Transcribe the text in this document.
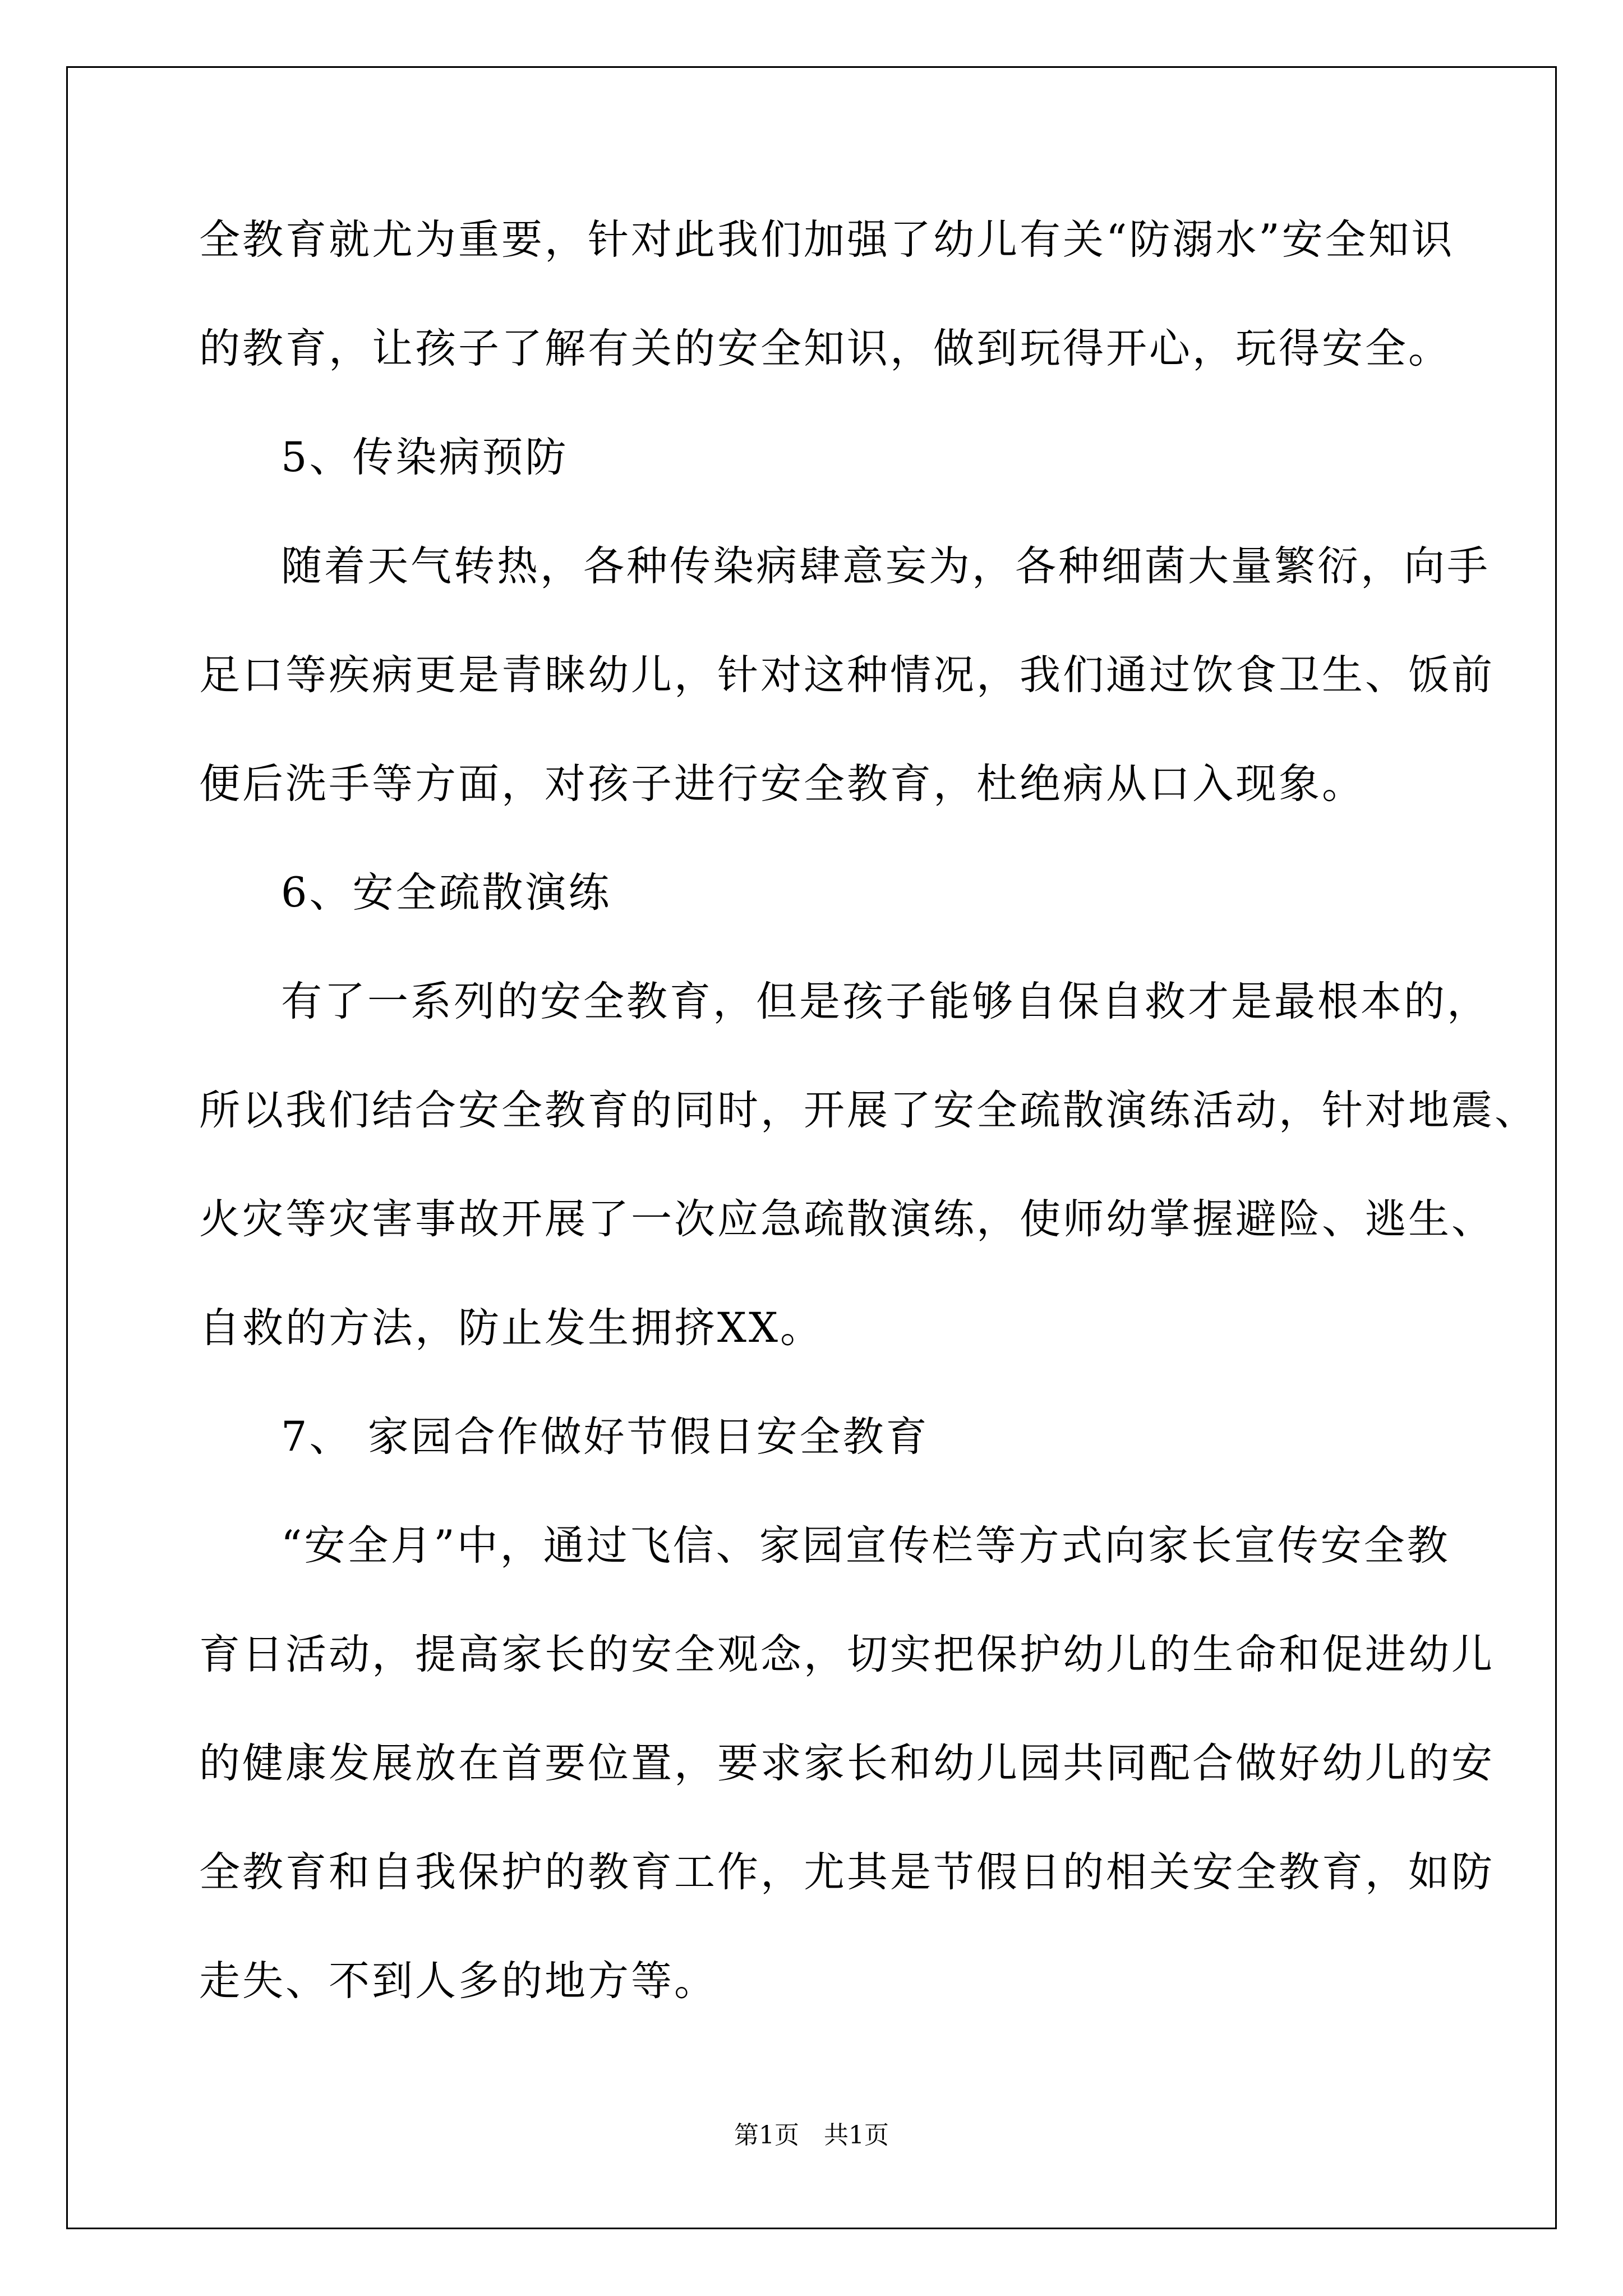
全教育就尤为重要，针对此我们加强了幼儿有关“防溺水”安全知识
的教育，让孩子了解有关的安全知识，做到玩得开心，玩得安全。
5、传染病预防
随着天气转热，各种传染病肆意妄为，各种细菌大量繁衍，向手
足口等疾病更是青睐幼儿，针对这种情况，我们通过饮食卫生、饭前
便后洗手等方面，对孩子进行安全教育，杜绝病从口入现象。
6、安全疏散演练
有了一系列的安全教育，但是孩子能够自保自救才是最根本的，
所以我们结合安全教育的同时，开展了安全疏散演练活动，针对地震、
火灾等灾害事故开展了一次应急疏散演练，使师幼掌握避险、逃生、
自救的方法，防止发生拥挤XX。
7、 家园合作做好节假日安全教育
“安全月”中，通过飞信、家园宣传栏等方式向家长宣传安全教
育日活动，提高家长的安全观念，切实把保护幼儿的生命和促进幼儿
的健康发展放在首要位置，要求家长和幼儿园共同配合做好幼儿的安
全教育和自我保护的教育工作，尤其是节假日的相关安全教育，如防
走失、不到人多的地方等。
第1页　共1页
